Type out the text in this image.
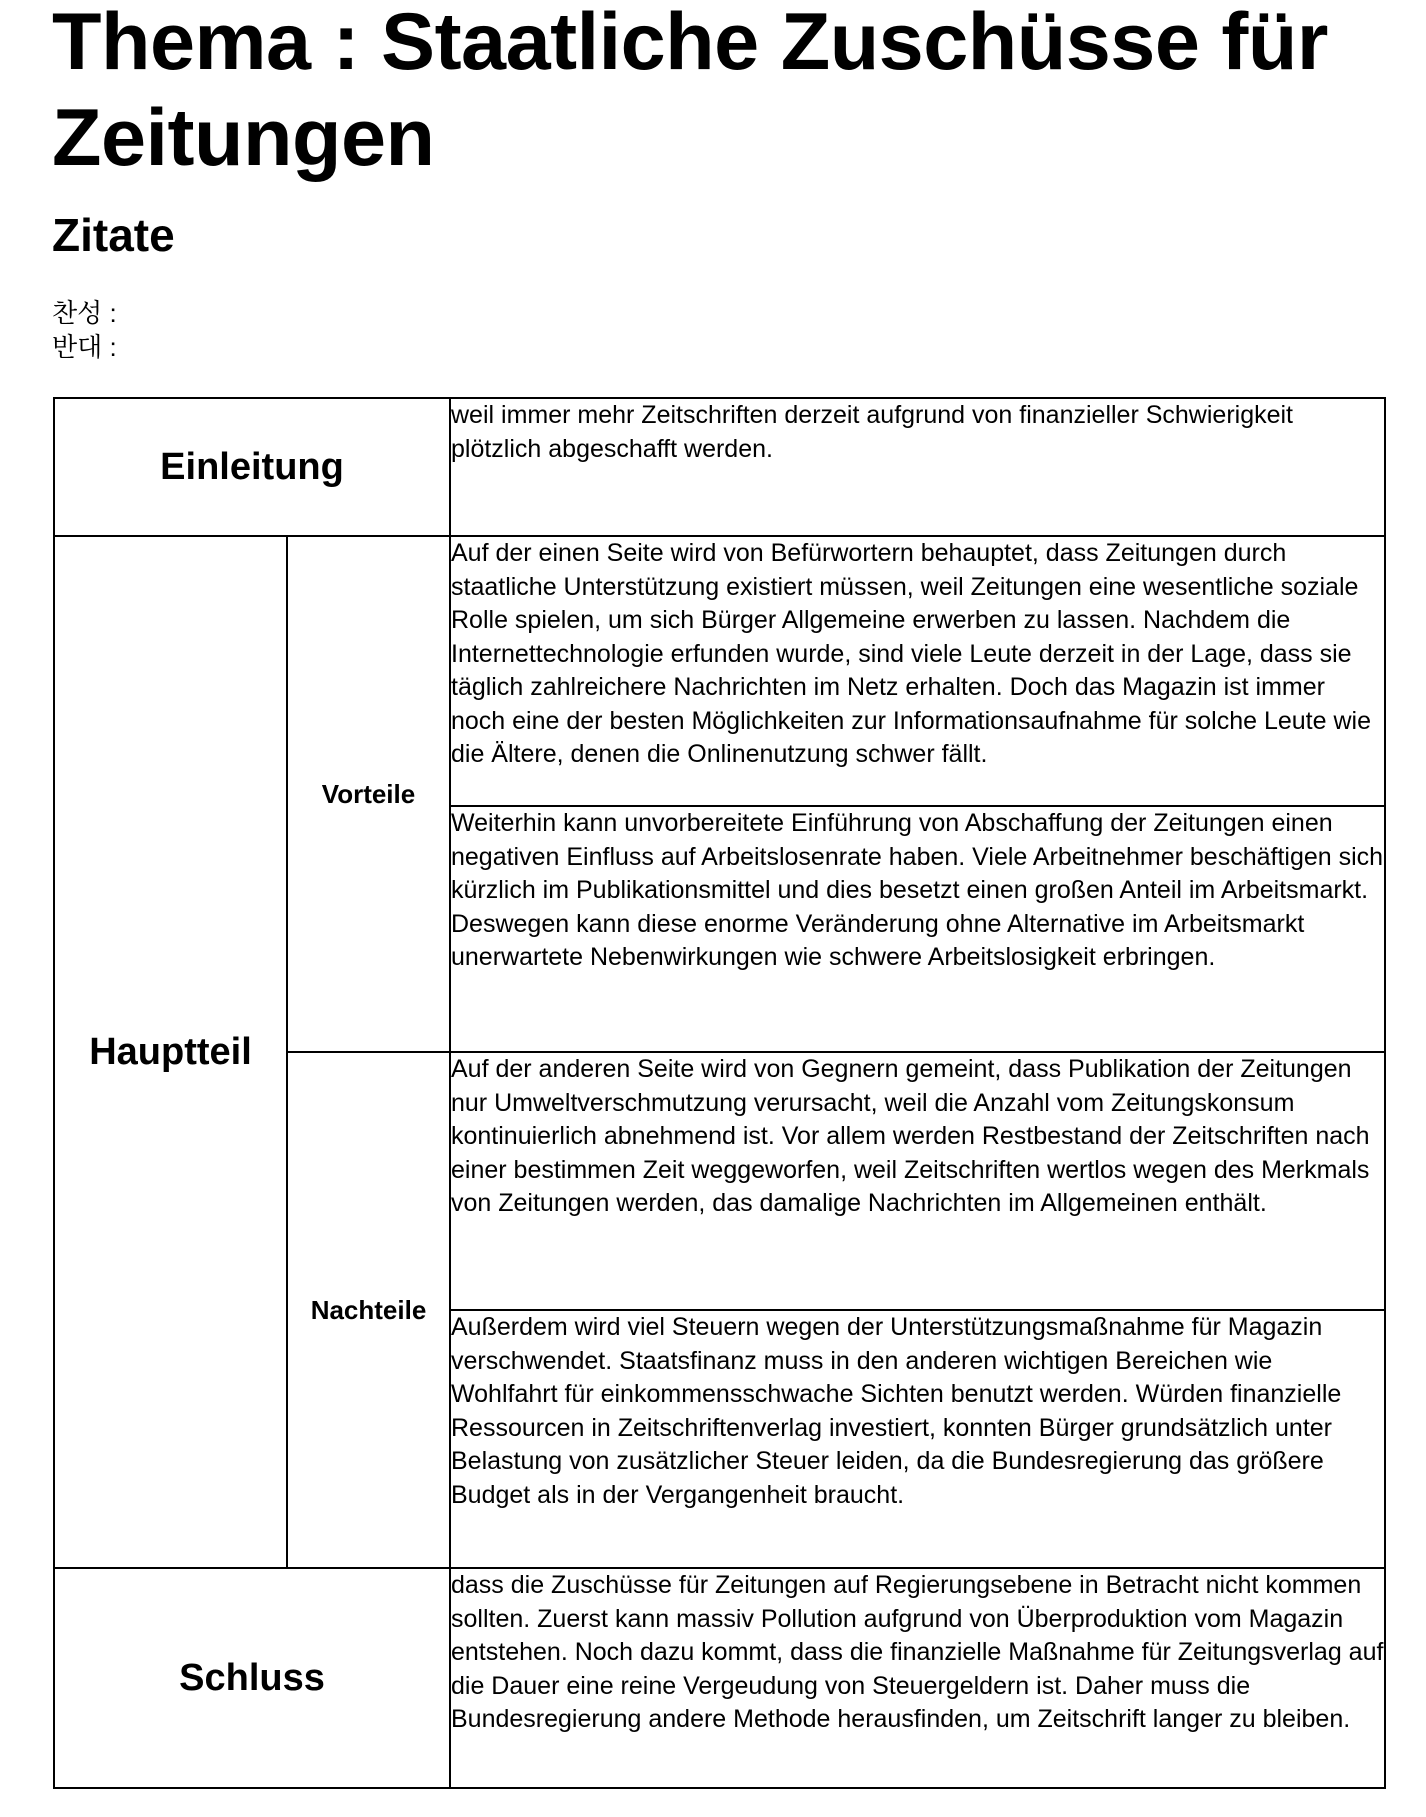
Thema : Staatliche Zuschüsse für Zeitungen
Zitate
찬성 :
반대 :
Einleitung		weil immer mehr Zeitschriften derzeit aufgrund von finanzieller Schwierigkeit plötzlich abgeschafft werden.
Hauptteil	Vorteile	Auf der einen Seite wird von Befürwortern behauptet, dass Zeitungen durch staatliche Unterstützung existiert müssen, weil Zeitungen eine wesentliche soziale Rolle spielen, um sich Bürger Allgemeine erwerben zu lassen. Nachdem die Internettechnologie erfunden wurde, sind viele Leute derzeit in der Lage, dass sie täglich zahlreichere Nachrichten im Netz erhalten. Doch das Magazin ist immer noch eine der besten Möglichkeiten zur Informationsaufnahme für solche Leute wie die Ältere, denen die Onlinenutzung schwer fällt.
		Weiterhin kann unvorbereitete Einführung von Abschaffung der Zeitungen einen negativen Einfluss auf Arbeitslosenrate haben. Viele Arbeitnehmer beschäftigen sich kürzlich im Publikationsmittel und dies besetzt einen großen Anteil im Arbeitsmarkt. Deswegen kann diese enorme Veränderung ohne Alternative im Arbeitsmarkt unerwartete Nebenwirkungen wie schwere Arbeitslosigkeit erbringen.
	Nachteile	Auf der anderen Seite wird von Gegnern gemeint, dass Publikation der Zeitungen nur Umweltverschmutzung verursacht, weil die Anzahl vom Zeitungskonsum kontinuierlich abnehmend ist. Vor allem werden Restbestand der Zeitschriften nach einer bestimmen Zeit weggeworfen, weil Zeitschriften wertlos wegen des Merkmals von Zeitungen werden, das damalige Nachrichten im Allgemeinen enthält.
		Außerdem wird viel Steuern wegen der Unterstützungsmaßnahme für Magazin verschwendet. Staatsfinanz muss in den anderen wichtigen Bereichen wie Wohlfahrt für einkommensschwache Sichten benutzt werden. Würden finanzielle Ressourcen in Zeitschriftenverlag investiert, konnten Bürger grundsätzlich unter Belastung von zusätzlicher Steuer leiden, da die Bundesregierung das größere Budget als in der Vergangenheit braucht.
Schluss		dass die Zuschüsse für Zeitungen auf Regierungsebene in Betracht nicht kommen sollten. Zuerst kann massiv Pollution aufgrund von Überproduktion vom Magazin entstehen. Noch dazu kommt, dass die finanzielle Maßnahme für Zeitungsverlag auf die Dauer eine reine Vergeudung von Steuergeldern ist. Daher muss die Bundesregierung andere Methode herausfinden, um Zeitschrift langer zu bleiben.
